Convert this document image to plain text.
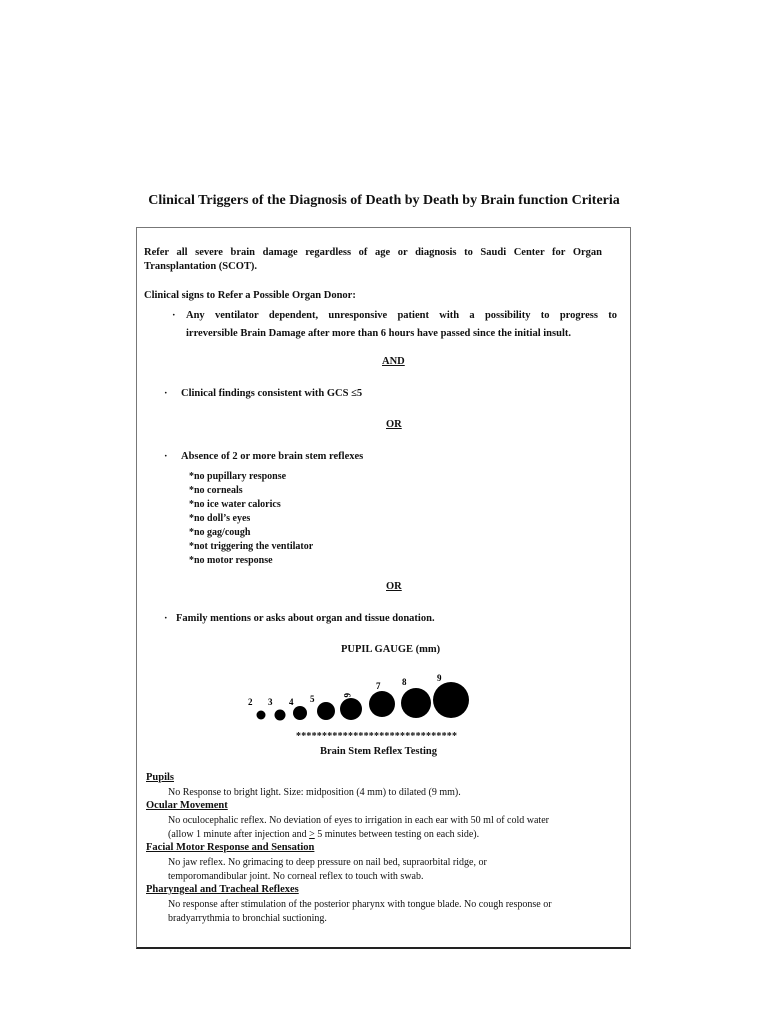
Clinical Triggers of the Diagnosis of Death by Death by Brain function Criteria
Refer all severe brain damage regardless of age or diagnosis to Saudi Center for Organ
Transplantation (SCOT).
Clinical signs to Refer a Possible Organ Donor:
· Any ventilator dependent, unresponsive patient with a possibility to progress to
irreversible Brain Damage after more than 6 hours have passed since the initial insult.
AND
· Clinical findings consistent with GCS ≤5
OR
· Absence of 2 or more brain stem reflexes
*no pupillary response
*no corneals
*no ice water calorics
*no doll’s eyes
*no gag/cough
*not triggering the ventilator
*no motor response
OR
· Family mentions or asks about organ and tissue donation.
PUPIL GAUGE (mm)
2 3 4 5	6
7 8	9
*******************************
Brain Stem Reflex Testing
Pupils
No Response to bright light. Size: midposition (4 mm) to dilated (9 mm).
Ocular Movement
No oculocephalic reflex. No deviation of eyes to irrigation in each ear with 50 ml of cold water
(allow 1 minute after injection and > 5 minutes between testing on each side).
Facial Motor Response and Sensation
No jaw reflex. No grimacing to deep pressure on nail bed, supraorbital ridge, or
temporomandibular joint. No corneal reflex to touch with swab.
Pharyngeal and Tracheal Reflexes
No response after stimulation of the posterior pharynx with tongue blade. No cough response or
bradyarrythmia to bronchial suctioning.
